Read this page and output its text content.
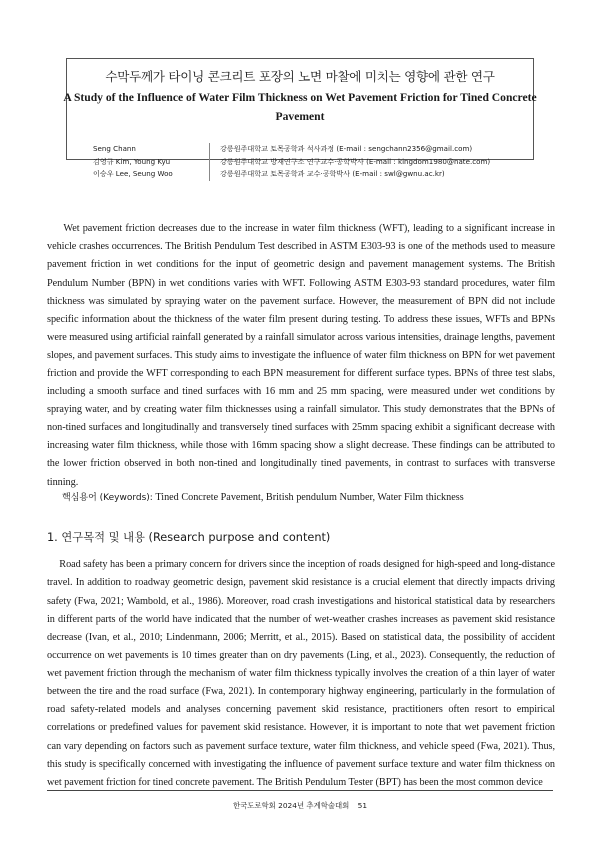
수막두께가 타이닝 콘크리트 포장의 노면 마찰에 미치는 영향에 관한 연구
A Study of the Influence of Water Film Thickness on Wet Pavement Friction for Tined Concrete Pavement
Seng Chann	강릉원주대학교 토목공학과 석사과정 (E-mail : sengchann2356@gmail.com)
김영규 Kim, Young Kyu	강릉원주대학교 방재연구소 연구교수·공학박사 (E-mail : kingdom1980@nate.com)
이승우 Lee, Seung Woo	강릉원주대학교 토목공학과 교수·공학박사 (E-mail : swl@gwnu.ac.kr)

Wet pavement friction decreases due to the increase in water film thickness (WFT), leading to a significant increase in vehicle crashes occurrences. The British Pendulum Test described in ASTM E303-93 is one of the methods used to measure pavement friction in wet conditions for the input of geometric design and pavement management systems. The British Pendulum Number (BPN) in wet conditions varies with WFT. Following ASTM E303-93 standard procedures, water film thickness was simulated by spraying water on the pavement surface. However, the measurement of BPN did not include specific information about the thickness of the water film present during testing. To address these issues, WFTs and BPNs were measured using artificial rainfall generated by a rainfall simulator across various intensities, drainage lengths, pavement slopes, and pavement surfaces. This study aims to investigate the influence of water film thickness on BPN for wet pavement friction and provide the WFT corresponding to each BPN measurement for different surface types. BPNs of three test slabs, including a smooth surface and tined surfaces with 16 mm and 25 mm spacing, were measured under wet conditions by spraying water, and by creating water film thicknesses using a rainfall simulator. This study demonstrates that the BPNs of non-tined surfaces and longitudinally and transversely tined surfaces with 25mm spacing exhibit a significant decrease with increasing water film thickness, while those with 16mm spacing show a slight decrease. These findings can be attributed to the lower friction observed in both non-tined and longitudinally tined pavements, in contrast to surfaces with transverse tinning.

핵심용어 (Keywords): Tined Concrete Pavement, British pendulum Number, Water Film thickness
1. 연구목적 및 내용 (Research purpose and content)

Road safety has been a primary concern for drivers since the inception of roads designed for high-speed and long-distance travel. In addition to roadway geometric design, pavement skid resistance is a crucial element that directly impacts driving safety (Fwa, 2021; Wambold, et al., 1986). Moreover, road crash investigations and historical statistical data by researchers in different parts of the world have indicated that the number of wet-weather crashes increases as pavement skid resistance decrease (Ivan, et al., 2010; Lindenmann, 2006; Merritt, et al., 2015). Based on statistical data, the possibility of accident occurrence on wet pavements is 10 times greater than on dry pavements (Ling, et al., 2023). Consequently, the reduction of wet pavement friction through the mechanism of water film thickness typically involves the creation of a thin layer of water between the tire and the road surface (Fwa, 2021). In contemporary highway engineering, particularly in the formulation of road safety-related models and analyses concerning pavement skid resistance, practitioners often resort to empirical correlations or predefined values for pavement skid resistance. However, it is important to note that wet pavement friction can vary depending on factors such as pavement surface texture, water film thickness, and vehicle speed (Fwa, 2021). Thus, this study is specifically concerned with investigating the influence of pavement surface texture and water film thickness on wet pavement friction for tined concrete pavement. The British Pendulum Tester (BPT) has been the most common device

한국도로학회 2024년 추계학술대회 51
